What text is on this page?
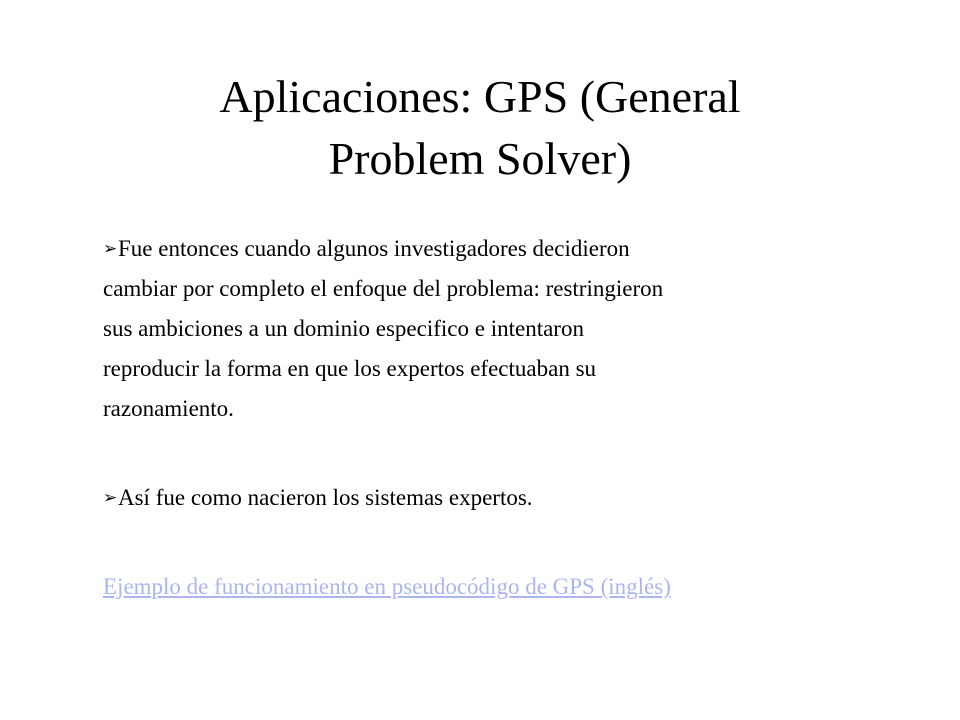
Aplicaciones: GPS (General
Problem Solver)
➢Fue entonces cuando algunos investigadores decidieron
cambiar por completo el enfoque del problema: restringieron
sus ambiciones a un dominio especifico e intentaron
reproducir la forma en que los expertos efectuaban su
razonamiento.
➢Así fue como nacieron los sistemas expertos.
Ejemplo de funcionamiento en pseudocódigo de GPS (inglés)
